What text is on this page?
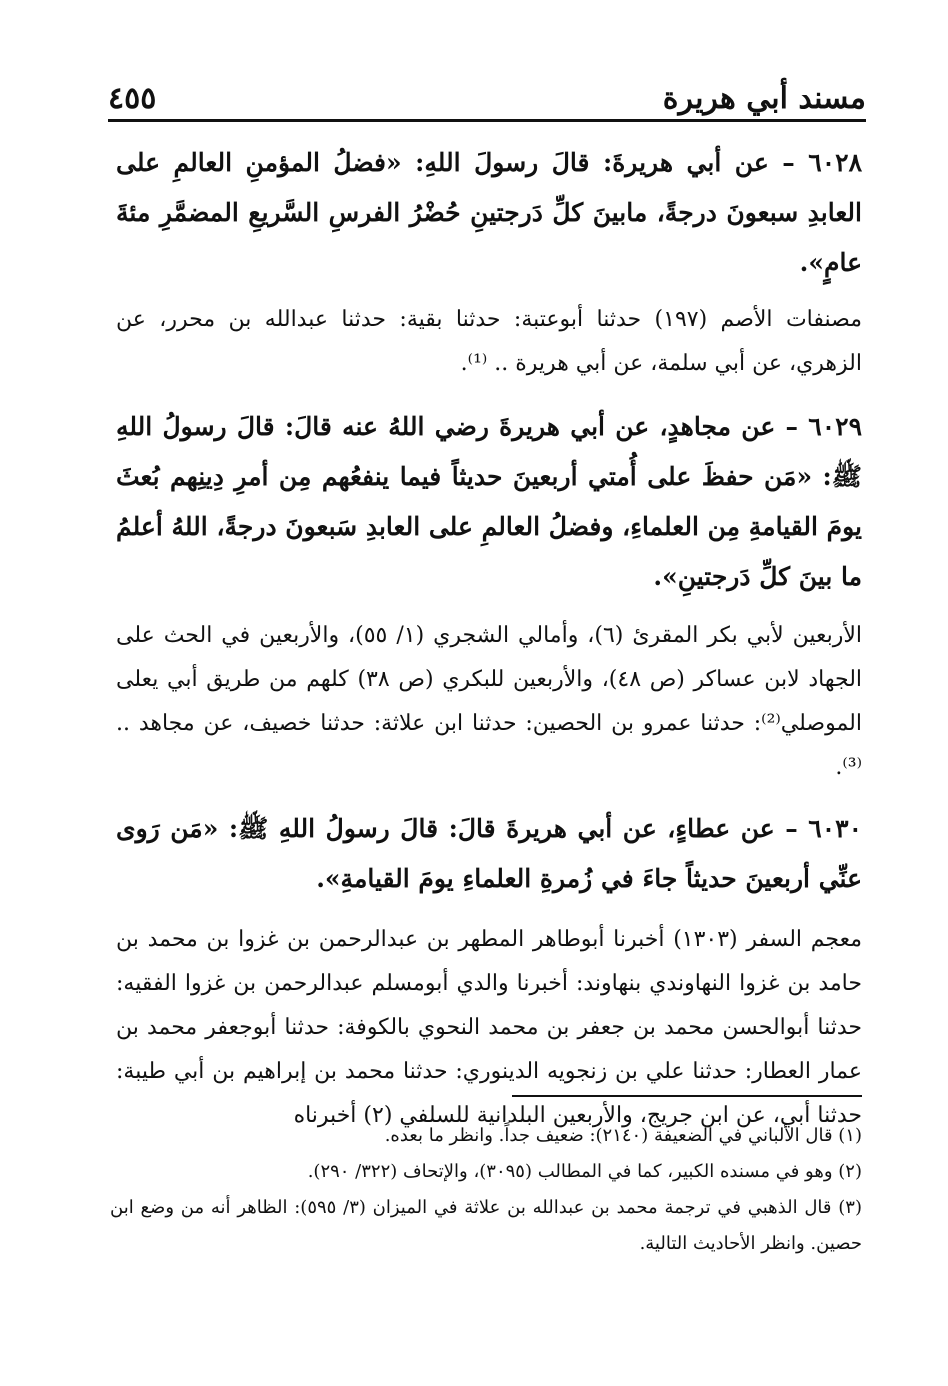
مسند أبي هريرة
٤٥٥

٦٠٢٨ – عن أبي هريرةَ: قالَ رسولَ اللهِ: «فضلُ المؤمنِ العالمِ على العابدِ سبعونَ درجةً، مابينَ كلِّ دَرجتينِ حُضْرُ الفرسِ السَّريعِ المضمَّرِ مئةَ عامٍ».

مصنفات الأصم (١٩٧) حدثنا أبوعتبة: حدثنا بقية: حدثنا عبدالله بن محرر، عن الزهري، عن أبي سلمة، عن أبي هريرة .. ⁽¹⁾.

٦٠٢٩ – عن مجاهدٍ، عن أبي هريرةَ رضي اللهُ عنه قالَ: قالَ رسولُ اللهِ ﷺ: «مَن حفظَ على أُمتي أربعينَ حديثاً فيما ينفعُهم مِن أمرِ دِينِهم بُعثَ يومَ القيامةِ مِن العلماءِ، وفضلُ العالمِ على العابدِ سَبعونَ درجةً، اللهُ أعلمُ ما بينَ كلِّ دَرجتينِ».

الأربعين لأبي بكر المقرئ (٦)، وأمالي الشجري (١/ ٥٥)، والأربعين في الحث على الجهاد لابن عساكر (ص ٤٨)، والأربعين للبكري (ص ٣٨) كلهم من طريق أبي يعلى الموصلي⁽²⁾: حدثنا عمرو بن الحصين: حدثنا ابن علاثة: حدثنا خصيف، عن مجاهد .. ⁽³⁾.

٦٠٣٠ – عن عطاءٍ، عن أبي هريرةَ قالَ: قالَ رسولُ اللهِ ﷺ: «مَن رَوى عنِّي أربعينَ حديثاً جاءَ في زُمرةِ العلماءِ يومَ القيامةِ».

معجم السفر (١٣٠٣) أخبرنا أبوطاهر المطهر بن عبدالرحمن بن غزوا بن محمد بن حامد بن غزوا النهاوندي بنهاوند: أخبرنا والدي أبومسلم عبدالرحمن بن غزوا الفقيه: حدثنا أبوالحسن محمد بن جعفر بن محمد النحوي بالكوفة: حدثنا أبوجعفر محمد بن عمار العطار: حدثنا علي بن زنجويه الدينوري: حدثنا محمد بن إبراهيم بن أبي طيبة: حدثنا أبي، عن ابن جريج، والأربعين البلدانية للسلفي (٢) أخبرناه

(١) قال الألباني في الضعيفة (٢١٤٠): ضعيف جداً. وانظر ما بعده.

(٢) وهو في مسنده الكبير، كما في المطالب (٣٠٩٥)، والإتحاف (٣٢٢/ ٢٩٠).

(٣) قال الذهبي في ترجمة محمد بن عبدالله بن علاثة في الميزان (٣/ ٥٩٥): الظاهر أنه من وضع ابن حصين. وانظر الأحاديث التالية.
